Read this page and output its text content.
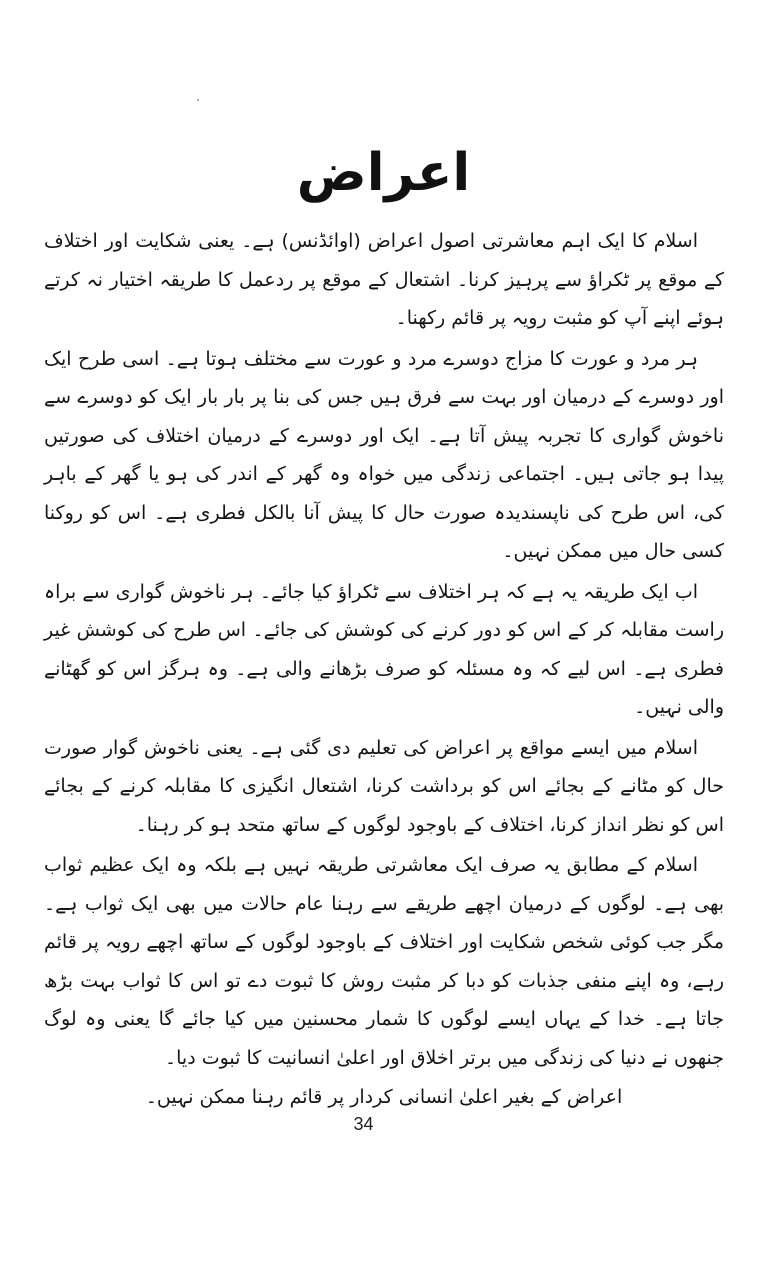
اعراض

اسلام کا ایک اہم معاشرتی اصول اعراض (اوائڈنس) ہے۔ یعنی شکایت اور اختلاف کے موقع پر ٹکراؤ سے پرہیز کرنا۔ اشتعال کے موقع پر ردعمل کا طریقہ اختیار نہ کرتے ہوئے اپنے آپ کو مثبت رویہ پر قائم رکھنا۔

ہر مرد و عورت کا مزاج دوسرے مرد و عورت سے مختلف ہوتا ہے۔ اسی طرح ایک اور دوسرے کے درمیان اور بہت سے فرق ہیں جس کی بنا پر بار بار ایک کو دوسرے سے ناخوش گواری کا تجربہ پیش آتا ہے۔ ایک اور دوسرے کے درمیان اختلاف کی صورتیں پیدا ہو جاتی ہیں۔ اجتماعی زندگی میں خواہ وہ گھر کے اندر کی ہو یا گھر کے باہر کی، اس طرح کی ناپسندیدہ صورت حال کا پیش آنا بالکل فطری ہے۔ اس کو روکنا کسی حال میں ممکن نہیں۔

اب ایک طریقہ یہ ہے کہ ہر اختلاف سے ٹکراؤ کیا جائے۔ ہر ناخوش گواری سے براہ راست مقابلہ کر کے اس کو دور کرنے کی کوشش کی جائے۔ اس طرح کی کوشش غیر فطری ہے۔ اس لیے کہ وہ مسئلہ کو صرف بڑھانے والی ہے۔ وہ ہرگز اس کو گھٹانے والی نہیں۔

اسلام میں ایسے مواقع پر اعراض کی تعلیم دی گئی ہے۔ یعنی ناخوش گوار صورت حال کو مٹانے کے بجائے اس کو برداشت کرنا، اشتعال انگیزی کا مقابلہ کرنے کے بجائے اس کو نظر انداز کرنا، اختلاف کے باوجود لوگوں کے ساتھ متحد ہو کر رہنا۔

اسلام کے مطابق یہ صرف ایک معاشرتی طریقہ نہیں ہے بلکہ وہ ایک عظیم ثواب بھی ہے۔ لوگوں کے درمیان اچھے طریقے سے رہنا عام حالات میں بھی ایک ثواب ہے۔ مگر جب کوئی شخص شکایت اور اختلاف کے باوجود لوگوں کے ساتھ اچھے رویہ پر قائم رہے، وہ اپنے منفی جذبات کو دبا کر مثبت روش کا ثبوت دے تو اس کا ثواب بہت بڑھ جاتا ہے۔ خدا کے یہاں ایسے لوگوں کا شمار محسنین میں کیا جائے گا یعنی وہ لوگ جنھوں نے دنیا کی زندگی میں برتر اخلاق اور اعلیٰ انسانیت کا ثبوت دیا۔

اعراض کے بغیر اعلیٰ انسانی کردار پر قائم رہنا ممکن نہیں۔
34
